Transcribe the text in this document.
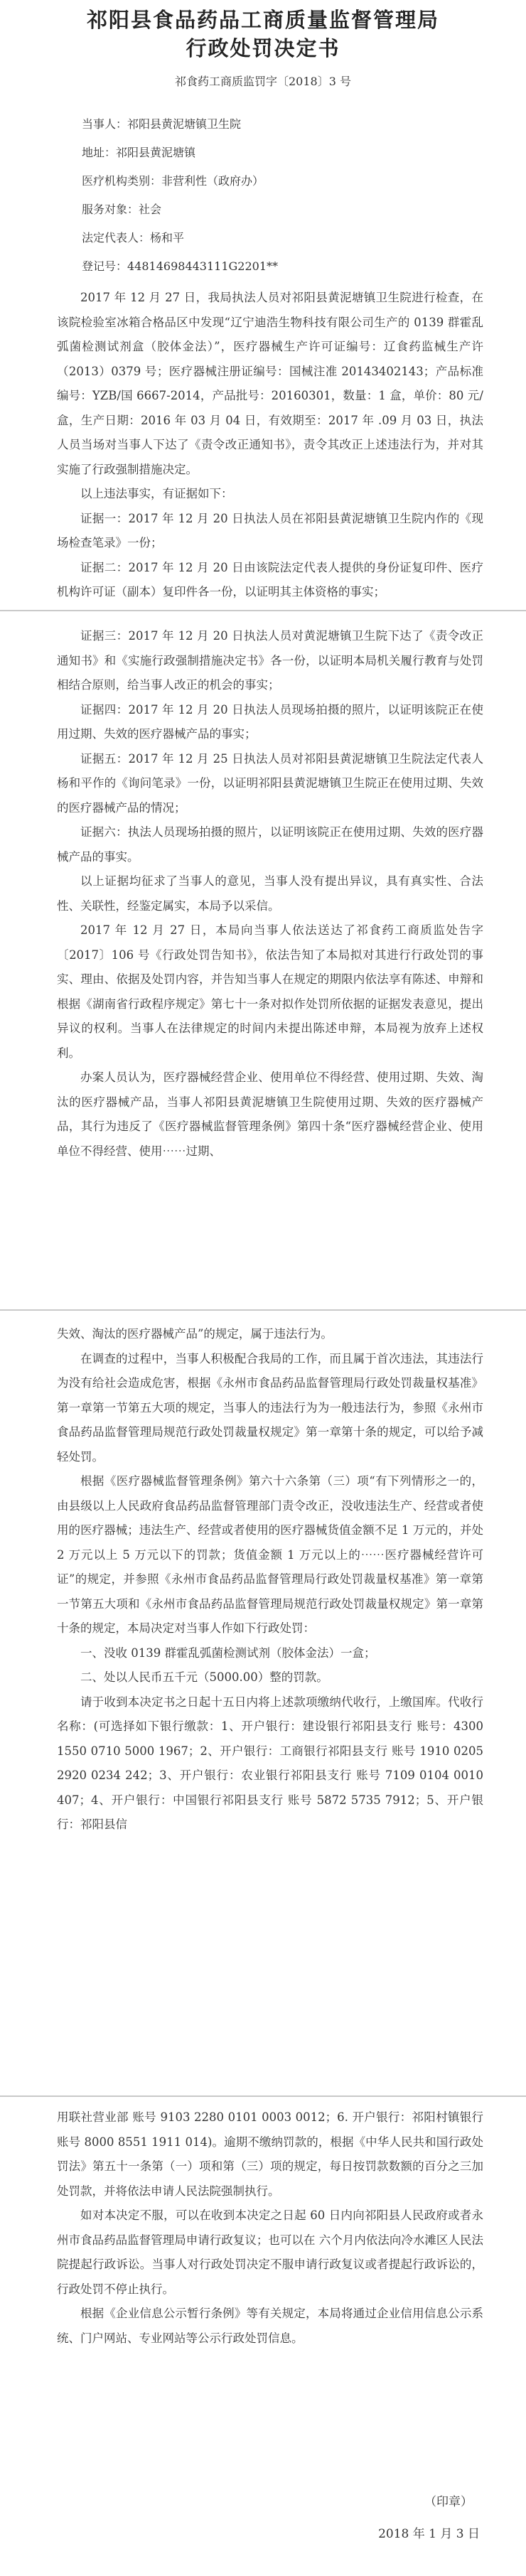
祁阳县食品药品工商质量监督管理局

行政处罚决定书

祁食药工商质监罚字〔2018〕3 号

当事人：祁阳县黄泥塘镇卫生院

地址：祁阳县黄泥塘镇

医疗机构类别：非营利性（政府办）

服务对象：社会

法定代表人：杨和平

登记号：44814698443111G2201**

2017 年 12 月 27 日，我局执法人员对祁阳县黄泥塘镇卫生院进行检查，在该院检验室冰箱合格品区中发现“辽宁迪浩生物科技有限公司生产的 0139 群霍乱弧菌检测试剂盒（胶体金法）”，医疗器械生产许可证编号：辽食药监械生产许（2013）0379 号；医疗器械注册证编号：国械注准 20143402143；产品标准编号：YZB/国 6667-2014，产品批号：20160301，数量：1 盒，单价：80 元/盒，生产日期：2016 年 03 月 04 日，有效期至：2017 年 .09 月 03 日，执法人员当场对当事人下达了《责令改正通知书》，责令其改正上述违法行为，并对其实施了行政强制措施决定。

以上违法事实，有证据如下：

证据一：2017 年 12 月 20 日执法人员在祁阳县黄泥塘镇卫生院内作的《现场检查笔录》一份；

证据二：2017 年 12 月 20 日由该院法定代表人提供的身份证复印件、医疗机构许可证（副本）复印件各一份，以证明其主体资格的事实；

证据三：2017 年 12 月 20 日执法人员对黄泥塘镇卫生院下达了《责令改正通知书》和《实施行政强制措施决定书》各一份，以证明本局机关履行教育与处罚相结合原则，给当事人改正的机会的事实；

证据四：2017 年 12 月 20 日执法人员现场拍摄的照片，以证明该院正在使用过期、失效的医疗器械产品的事实；

证据五：2017 年 12 月 25 日执法人员对祁阳县黄泥塘镇卫生院法定代表人杨和平作的《询问笔录》一份，以证明祁阳县黄泥塘镇卫生院正在使用过期、失效的医疗器械产品的情况；

证据六：执法人员现场拍摄的照片，以证明该院正在使用过期、失效的医疗器械产品的事实。

以上证据均征求了当事人的意见，当事人没有提出异议，具有真实性、合法性、关联性，经鉴定属实，本局予以采信。

2017 年 12 月 27 日，本局向当事人依法送达了祁食药工商质监处告字〔2017〕106 号《行政处罚告知书》，依法告知了本局拟对其进行行政处罚的事实、理由、依据及处罚内容，并告知当事人在规定的期限内依法享有陈述、申辩和根据《湖南省行政程序规定》第七十一条对拟作处罚所依据的证据发表意见，提出异议的权利。当事人在法律规定的时间内未提出陈述申辩，本局视为放弃上述权利。

办案人员认为，医疗器械经营企业、使用单位不得经营、使用过期、失效、淘汰的医疗器械产品，当事人祁阳县黄泥塘镇卫生院使用过期、失效的医疗器械产品，其行为违反了《医疗器械监督管理条例》第四十条“医疗器械经营企业、使用单位不得经营、使用⋯⋯过期、

失效、淘汰的医疗器械产品”的规定，属于违法行为。

在调查的过程中，当事人积极配合我局的工作，而且属于首次违法，其违法行为没有给社会造成危害，根据《永州市食品药品监督管理局行政处罚裁量权基准》第一章第一节第五大项的规定，当事人的违法行为为一般违法行为，参照《永州市食品药品监督管理局规范行政处罚裁量权规定》第一章第十条的规定，可以给予减轻处罚。

根据《医疗器械监督管理条例》第六十六条第（三）项“有下列情形之一的，由县级以上人民政府食品药品监督管理部门责令改正，没收违法生产、经营或者使用的医疗器械；违法生产、经营或者使用的医疗器械货值金额不足 1 万元的，并处 2 万元以上 5 万元以下的罚款；货值金额 1 万元以上的⋯⋯医疗器械经营许可证”的规定，并参照《永州市食品药品监督管理局行政处罚裁量权基准》第一章第一节第五大项和《永州市食品药品监督管理局规范行政处罚裁量权规定》第一章第十条的规定，本局决定对当事人作如下行政处罚：

一、没收 0139 群霍乱弧菌检测试剂（胶体金法）一盒；

二、处以人民币五千元（5000.00）整的罚款。

请于收到本决定书之日起十五日内将上述款项缴纳代收行，上缴国库。代收行名称：(可选择如下银行缴款：1、开户银行：建设银行祁阳县支行 账号：4300 1550 0710 5000 1967；2、开户银行：工商银行祁阳县支行 账号 1910 0205 2920 0234 242；3、开户银行：农业银行祁阳县支行 账号 7109 0104 0010 407；4、开户银行：中国银行祁阳县支行 账号 5872 5735 7912；5、开户银行：祁阳县信

用联社营业部 账号 9103 2280 0101 0003 0012；6. 开户银行：祁阳村镇银行 账号 8000 8551 1911 014)。逾期不缴纳罚款的，根据《中华人民共和国行政处罚法》第五十一条第（一）项和第（三）项的规定，每日按罚款数额的百分之三加处罚款，并将依法申请人民法院强制执行。

如对本决定不服，可以在收到本决定之日起 60 日内向祁阳县人民政府或者永州市食品药品监督管理局申请行政复议；也可以在 六个月内依法向冷水滩区人民法院提起行政诉讼。当事人对行政处罚决定不服申请行政复议或者提起行政诉讼的，行政处罚不停止执行。

根据《企业信息公示暂行条例》等有关规定，本局将通过企业信用信息公示系统、门户网站、专业网站等公示行政处罚信息。

（印章）
2018 年 1 月 3 日
